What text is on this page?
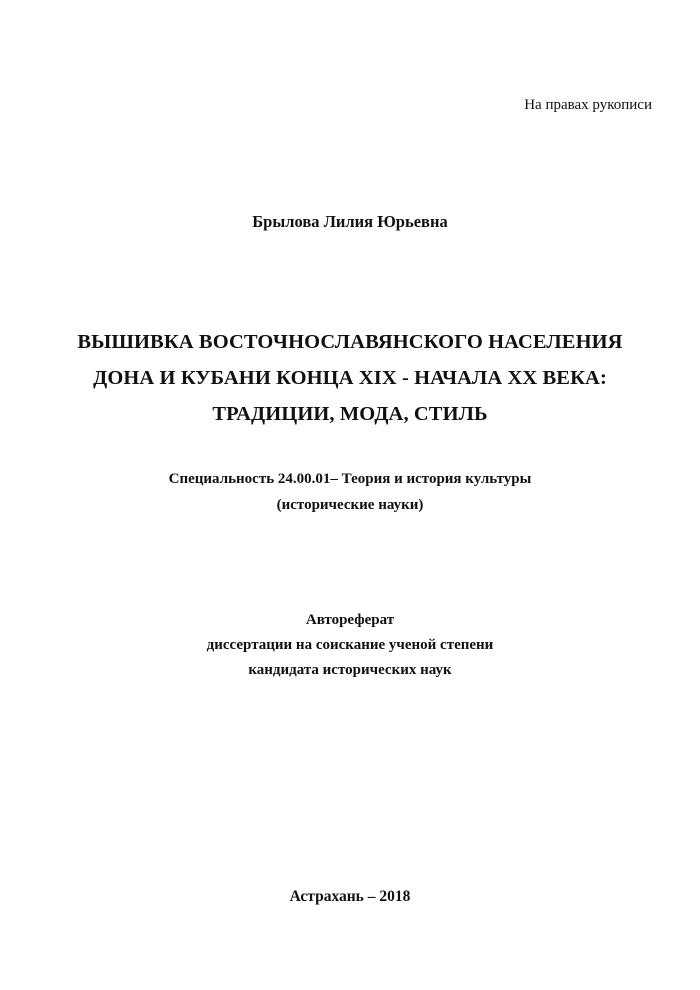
На правах рукописи
Брылова Лилия Юрьевна
ВЫШИВКА ВОСТОЧНОСЛАВЯНСКОГО НАСЕЛЕНИЯ
ДОНА И КУБАНИ КОНЦА XIX - НАЧАЛА XX ВЕКА:
ТРАДИЦИИ, МОДА, СТИЛЬ
Специальность 24.00.01– Теория и история культуры
(исторические науки)
Автореферат
диссертации на соискание ученой степени
кандидата исторических наук
Астрахань – 2018
